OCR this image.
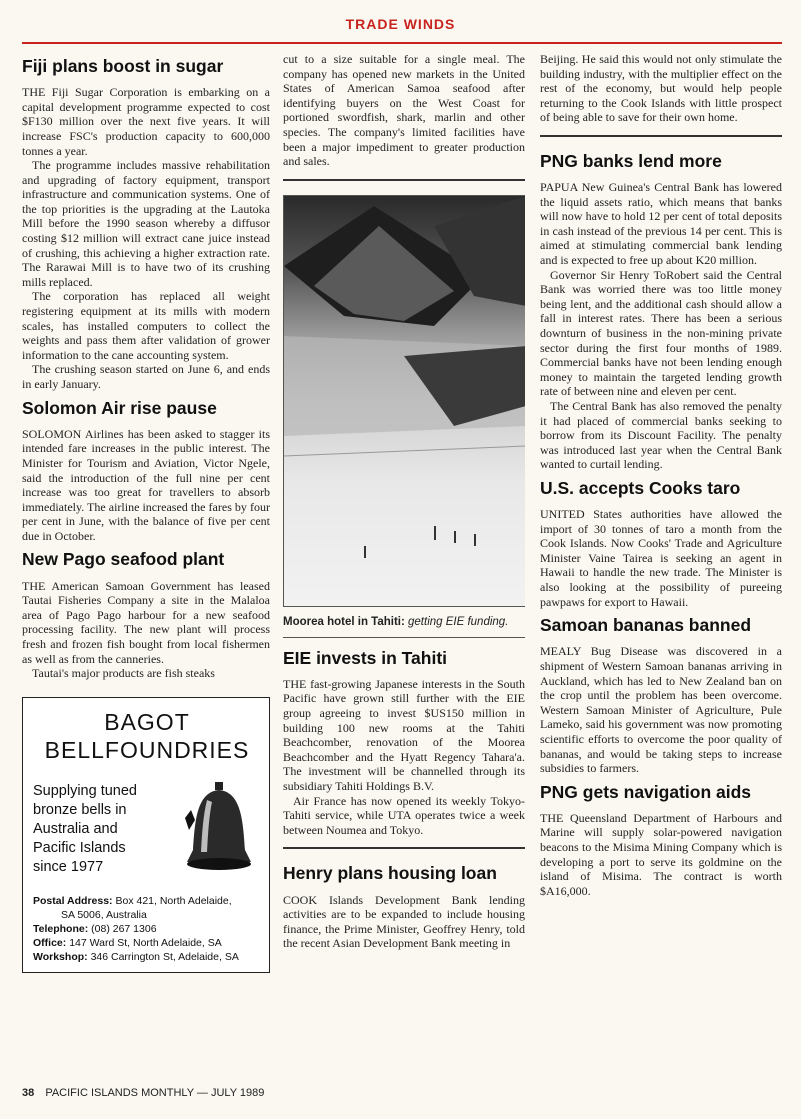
TRADE WINDS
Fiji plans boost in sugar

THE Fiji Sugar Corporation is embarking on a capital development programme expected to cost $F130 million over the next five years. It will increase FSC's production capacity to 600,000 tonnes a year.

The programme includes massive rehabilitation and upgrading of factory equipment, transport infrastructure and communication systems. One of the top priorities is the upgrading at the Lautoka Mill before the 1990 season whereby a diffusor costing $12 million will extract cane juice instead of crushing, this achieving a higher extraction rate. The Rarawai Mill is to have two of its crushing mills replaced.

The corporation has replaced all weight registering equipment at its mills with modern scales, has installed computers to collect the weights and pass them after validation of grower information to the cane accounting system.

The crushing season started on June 6, and ends in early January.

Solomon Air rise pause

SOLOMON Airlines has been asked to stagger its intended fare increases in the public interest. The Minister for Tourism and Aviation, Victor Ngele, said the introduction of the full nine per cent increase was too great for travellers to absorb immediately. The airline increased the fares by four per cent in June, with the balance of five per cent due in October.

New Pago seafood plant

THE American Samoan Government has leased Tautai Fisheries Company a site in the Malaloa area of Pago Pago harbour for a new seafood processing facility. The new plant will process fresh and frozen fish bought from local fishermen as well as from the canneries.

Tautai's major products are fish steaks

BAGOT
BELLFOUNDRIES
Supplying tuned
bronze bells in
Australia and
Pacific Islands
since 1977
Postal Address: Box 421, North Adelaide,
SA 5006, Australia
Telephone: (08) 267 1306
Office: 147 Ward St, North Adelaide, SA
Workshop: 346 Carrington St, Adelaide, SA

cut to a size suitable for a single meal. The company has opened new markets in the United States of American Samoa seafood after identifying buyers on the West Coast for portioned swordfish, shark, marlin and other species. The company's limited facilities have been a major impediment to greater production and sales.

Moorea hotel in Tahiti: getting EIE funding.
EIE invests in Tahiti

THE fast-growing Japanese interests in the South Pacific have grown still further with the EIE group agreeing to invest $US150 million in building 100 new rooms at the Tahiti Beachcomber, renovation of the Moorea Beachcomber and the Hyatt Regency Tahara'a. The investment will be channelled through its subsidiary Tahiti Holdings B.V.

Air France has now opened its weekly Tokyo-Tahiti service, while UTA operates twice a week between Noumea and Tokyo.

Henry plans housing loan

COOK Islands Development Bank lending activities are to be expanded to include housing finance, the Prime Minister, Geoffrey Henry, told the recent Asian Development Bank meeting in

Beijing. He said this would not only stimulate the building industry, with the multiplier effect on the rest of the economy, but would help people returning to the Cook Islands with little prospect of being able to save for their own home.

PNG banks lend more

PAPUA New Guinea's Central Bank has lowered the liquid assets ratio, which means that banks will now have to hold 12 per cent of total deposits in cash instead of the previous 14 per cent. This is aimed at stimulating commercial bank lending and is expected to free up about K20 million.

Governor Sir Henry ToRobert said the Central Bank was worried there was too little money being lent, and the additional cash should allow a fall in interest rates. There has been a serious downturn of business in the non-mining private sector during the first four months of 1989. Commercial banks have not been lending enough money to maintain the targeted lending growth rate of between nine and eleven per cent.

The Central Bank has also removed the penalty it had placed of commercial banks seeking to borrow from its Discount Facility. The penalty was introduced last year when the Central Bank wanted to curtail lending.

U.S. accepts Cooks taro

UNITED States authorities have allowed the import of 30 tonnes of taro a month from the Cook Islands. Now Cooks' Trade and Agriculture Minister Vaine Tairea is seeking an agent in Hawaii to handle the new trade. The Minister is also looking at the possibility of pureeing pawpaws for export to Hawaii.

Samoan bananas banned

MEALY Bug Disease was discovered in a shipment of Western Samoan bananas arriving in Auckland, which has led to New Zealand ban on the crop until the problem has been overcome. Western Samoan Minister of Agriculture, Pule Lameko, said his government was now promoting scientific efforts to overcome the poor quality of bananas, and would be taking steps to increase subsidies to farmers.

PNG gets navigation aids

THE Queensland Department of Harbours and Marine will supply solar-powered navigation beacons to the Misima Mining Company which is developing a port to serve its goldmine on the island of Misima. The contract is worth $A16,000.

38 PACIFIC ISLANDS MONTHLY — JULY 1989
